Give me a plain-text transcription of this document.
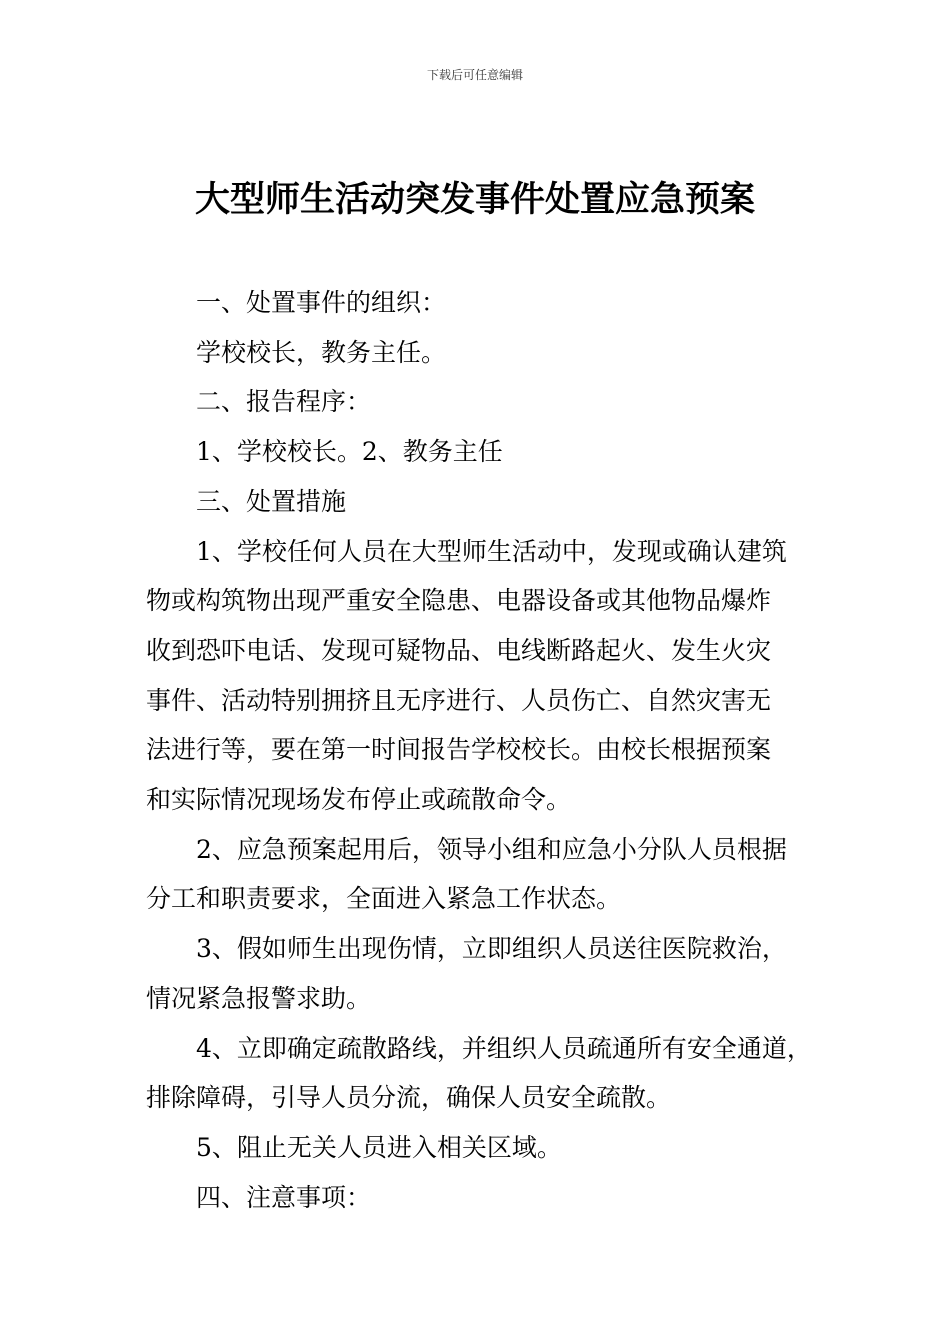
下载后可任意编辑
大型师生活动突发事件处置应急预案

一、处置事件的组织：

学校校长，教务主任。

二、报告程序：

1、学校校长。2、教务主任

三、处置措施

1、学校任何人员在大型师生活动中，发现或确认建筑

物或构筑物出现严重安全隐患、电器设备或其他物品爆炸

收到恐吓电话、发现可疑物品、电线断路起火、发生火灾

事件、活动特别拥挤且无序进行、人员伤亡、自然灾害无

法进行等，要在第一时间报告学校校长。由校长根据预案

和实际情况现场发布停止或疏散命令。

2、应急预案起用后，领导小组和应急小分队人员根据

分工和职责要求，全面进入紧急工作状态。

3、假如师生出现伤情，立即组织人员送往医院救治，

情况紧急报警求助。

4、立即确定疏散路线，并组织人员疏通所有安全通道，

排除障碍，引导人员分流，确保人员安全疏散。

5、阻止无关人员进入相关区域。

四、注意事项：
